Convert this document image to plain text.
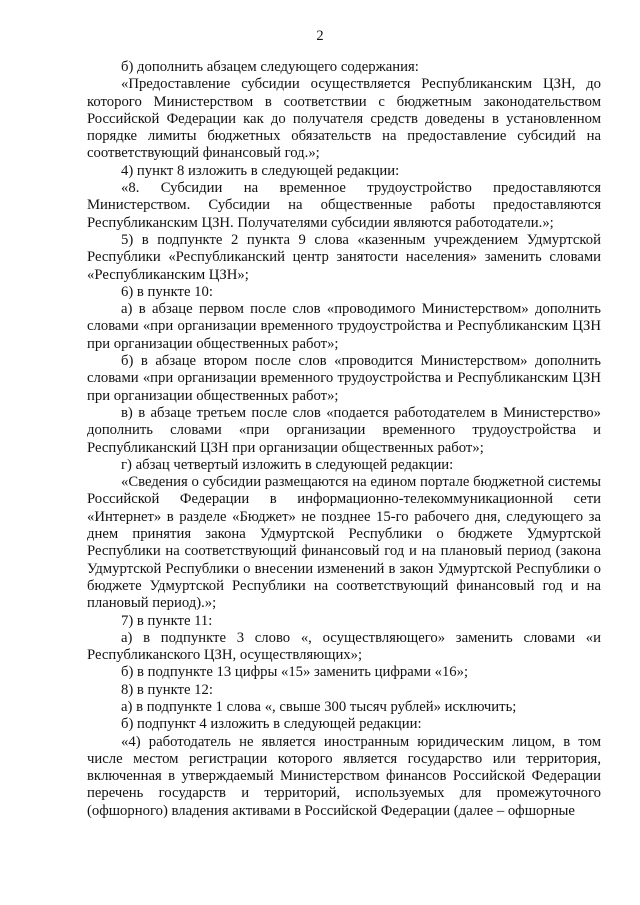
2

б) дополнить абзацем следующего содержания:

«Предоставление субсидии осуществляется Республиканским ЦЗН, до которого Министерством в соответствии с бюджетным законодательством Российской Федерации как до получателя средств доведены в установленном порядке лимиты бюджетных обязательств на предоставление субсидий на соответствующий финансовый год.»;

4) пункт 8 изложить в следующей редакции:

«8. Субсидии на временное трудоустройство предоставляются Министерством. Субсидии на общественные работы предоставляются Республиканским ЦЗН. Получателями субсидии являются работодатели.»;

5) в подпункте 2 пункта 9 слова «казенным учреждением Удмуртской Республики «Республиканский центр занятости населения» заменить словами «Республиканским ЦЗН»;

6) в пункте 10:

а) в абзаце первом после слов «проводимого Министерством» дополнить словами «при организации временного трудоустройства и Республиканским ЦЗН при организации общественных работ»;

б) в абзаце втором после слов «проводится Министерством» дополнить словами «при организации временного трудоустройства и Республиканским ЦЗН при организации общественных работ»;

в) в абзаце третьем после слов «подается работодателем в Министерство» дополнить словами «при организации временного трудоустройства и Республиканский ЦЗН при организации общественных работ»;

г) абзац четвертый изложить в следующей редакции:

«Сведения о субсидии размещаются на едином портале бюджетной системы Российской Федерации в информационно-телекоммуникационной сети «Интернет» в разделе «Бюджет» не позднее 15-го рабочего дня, следующего за днем принятия закона Удмуртской Республики о бюджете Удмуртской Республики на соответствующий финансовый год и на плановый период (закона Удмуртской Республики о внесении изменений в закон Удмуртской Республики о бюджете Удмуртской Республики на соответствующий финансовый год и на плановый период).»;

7) в пункте 11:

а) в подпункте 3 слово «, осуществляющего» заменить словами «и Республиканского ЦЗН, осуществляющих»;

б) в подпункте 13 цифры «15» заменить цифрами «16»;

8) в пункте 12:

а) в подпункте 1 слова «, свыше 300 тысяч рублей» исключить;

б) подпункт 4 изложить в следующей редакции:

«4) работодатель не является иностранным юридическим лицом, в том числе местом регистрации которого является государство или территория, включенная в утверждаемый Министерством финансов Российской Федерации перечень государств и территорий, используемых для промежуточного (офшорного) владения активами в Российской Федерации (далее – офшорные
